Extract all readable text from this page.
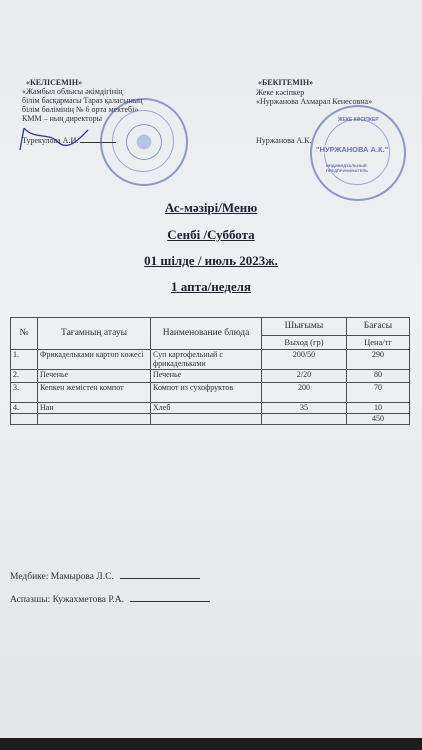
«КЕЛІСЕМІН»
«Жамбыл облысы әкімдігінің
білім басқармасы Тараз қаласының
білім бөлімінің № 6 орта мектебі»
КММ – ның директоры
Турекулова А.И.
«БЕКІТЕМІН»
Жеке кәсіпкер
«Нуржанова Ахмарал Кенесовна»
Нуржанова А.К.
ЖЕКЕ КӘСІПКЕР
"НУРЖАНОВА А.К."
ИНДИВИДУАЛЬНЫЙ ПРЕДПРИНИМАТЕЛЬ
Ас-мәзірі/Меню
Сенбі /Суббота
01 шілде / июль 2023ж.
1 апта/неделя
№	Тағамның атауы	Наименование блюда	Шығымы	Бағасы
			Выход (гр)	Цена/тг
1.	Фрикадельками картоп көжесі	Суп картофельный с фрикадельками	200/50	290
2.	Печенье	Печенье	2/20	80
3.	Кепкен жемістен компот	Компот из сухофруктов	200	70
4.	Нан	Хлеб	35	10
				450
Медбике: Мамырова Л.С.
Аспазшы: Кужахметова Р.А.
